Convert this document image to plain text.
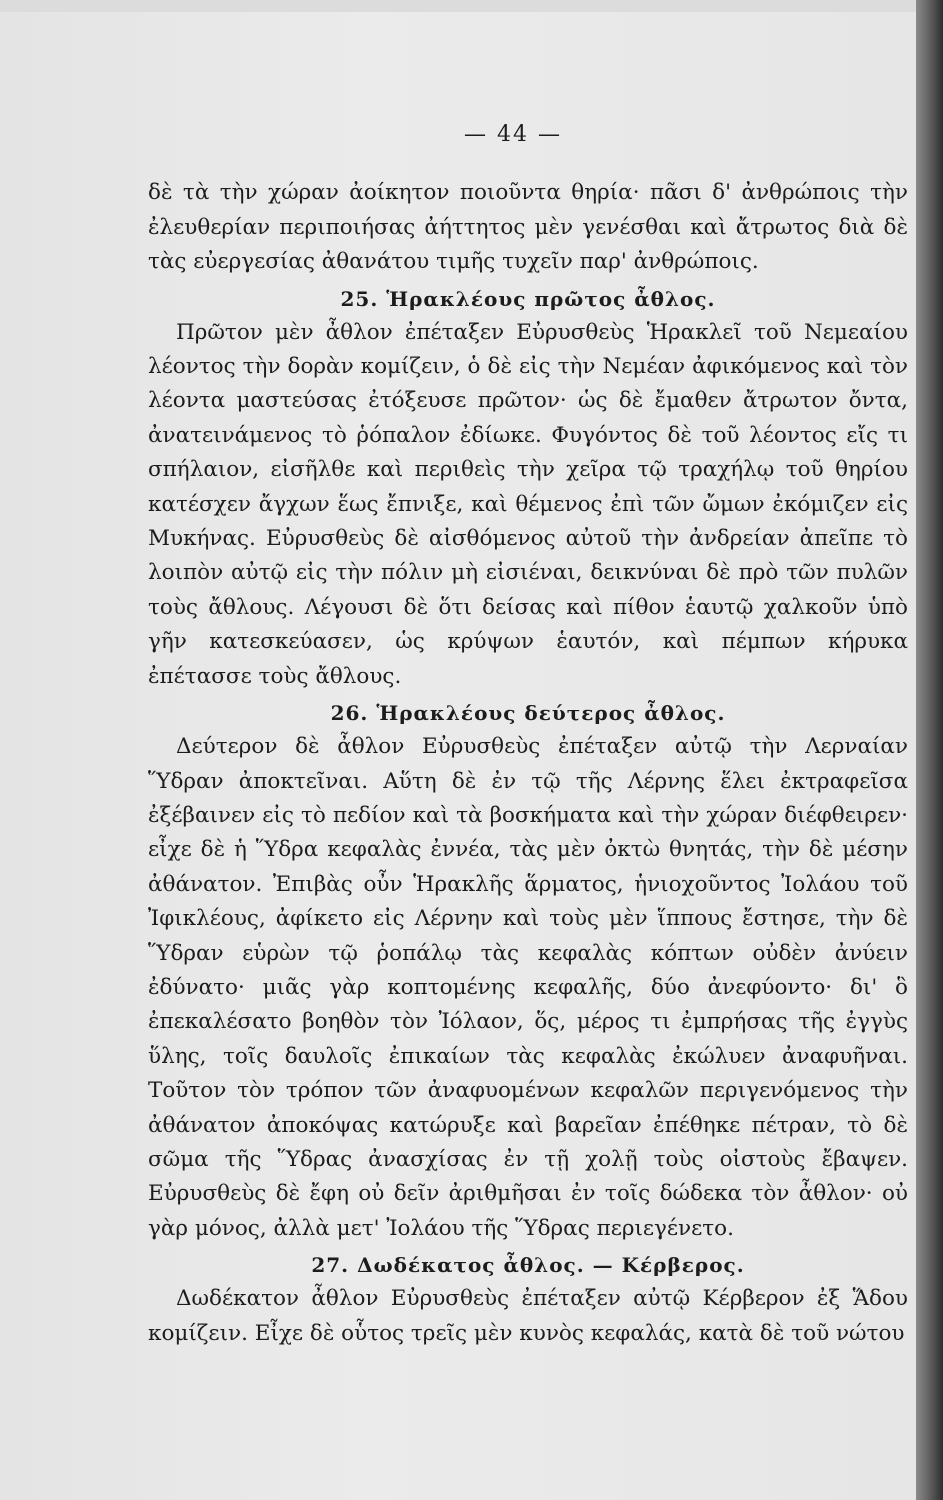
— 44 —

δὲ τὰ τὴν χώραν ἀοίκητον ποιοῦντα θηρία· πᾶσι δ' ἀνθρώποις τὴν ἐλευθερίαν περιποιήσας ἀήττητος μὲν γενέσθαι καὶ ἄτρωτος διὰ δὲ τὰς εὐεργεσίας ἀθανάτου τιμῆς τυχεῖν παρ' ἀνθρώποις.

25. Ἡρακλέους πρῶτος ἆθλος.

Πρῶτον μὲν ἆθλον ἐπέταξεν Εὐρυσθεὺς Ἡρακλεῖ τοῦ Νεμεαίου λέοντος τὴν δορὰν κομίζειν, ὁ δὲ εἰς τὴν Νεμέαν ἀφικόμενος καὶ τὸν λέοντα μαστεύσας ἐτόξευσε πρῶτον· ὡς δὲ ἔμαθεν ἄτρωτον ὄντα, ἀνατεινάμενος τὸ ῥόπαλον ἐδίωκε. Φυγόντος δὲ τοῦ λέοντος εἴς τι σπήλαιον, εἰσῆλθε καὶ περιθεὶς τὴν χεῖρα τῷ τραχήλῳ τοῦ θηρίου κατέσχεν ἄγχων ἕως ἔπνιξε, καὶ θέμενος ἐπὶ τῶν ὤμων ἐκόμιζεν εἰς Μυκήνας. Εὐρυσθεὺς δὲ αἰσθόμενος αὐτοῦ τὴν ἀνδρείαν ἀπεῖπε τὸ λοιπὸν αὐτῷ εἰς τὴν πόλιν μὴ εἰσιέναι, δεικνύναι δὲ πρὸ τῶν πυλῶν τοὺς ἄθλους. Λέγουσι δὲ ὅτι δείσας καὶ πίθον ἑαυτῷ χαλκοῦν ὑπὸ γῆν κατεσκεύασεν, ὡς κρύψων ἑαυτόν, καὶ πέμπων κήρυκα ἐπέτασσε τοὺς ἄθλους.

26. Ἡρακλέους δεύτερος ἆθλος.

Δεύτερον δὲ ἆθλον Εὐρυσθεὺς ἐπέταξεν αὐτῷ τὴν Λερναίαν Ὕδραν ἀποκτεῖναι. Αὕτη δὲ ἐν τῷ τῆς Λέρνης ἕλει ἐκτραφεῖσα ἐξέβαινεν εἰς τὸ πεδίον καὶ τὰ βοσκήματα καὶ τὴν χώραν διέφθειρεν· εἶχε δὲ ἡ Ὕδρα κεφαλὰς ἐννέα, τὰς μὲν ὀκτὼ θνητάς, τὴν δὲ μέσην ἀθάνατον. Ἐπιβὰς οὖν Ἡρακλῆς ἅρματος, ἡνιοχοῦντος Ἰολάου τοῦ Ἰφικλέους, ἀφίκετο εἰς Λέρνην καὶ τοὺς μὲν ἵππους ἔστησε, τὴν δὲ Ὕδραν εὑρὼν τῷ ῥοπάλῳ τὰς κεφαλὰς κόπτων οὐδὲν ἀνύειν ἐδύνατο· μιᾶς γὰρ κοπτομένης κεφαλῆς, δύο ἀνεφύοντο· δι' ὃ ἐπεκαλέσατο βοηθὸν τὸν Ἰόλαον, ὅς, μέρος τι ἐμπρήσας τῆς ἐγγὺς ὕλης, τοῖς δαυλοῖς ἐπικαίων τὰς κεφαλὰς ἐκώλυεν ἀναφυῆναι. Τοῦτον τὸν τρόπον τῶν ἀναφυομένων κεφαλῶν περιγενόμενος τὴν ἀθάνατον ἀποκόψας κατώρυξε καὶ βαρεῖαν ἐπέθηκε πέτραν, τὸ δὲ σῶμα τῆς Ὕδρας ἀνασχίσας ἐν τῇ χολῇ τοὺς οἰστοὺς ἔβαψεν. Εὐρυσθεὺς δὲ ἔφη οὐ δεῖν ἀριθμῆσαι ἐν τοῖς δώδεκα τὸν ἆθλον· οὐ γὰρ μόνος, ἀλλὰ μετ' Ἰολάου τῆς Ὕδρας περιεγένετο.

27. Δωδέκατος ἆθλος. — Κέρβερος.

Δωδέκατον ἆθλον Εὐρυσθεὺς ἐπέταξεν αὐτῷ Κέρβερον ἐξ Ἅδου κομίζειν. Εἶχε δὲ οὗτος τρεῖς μὲν κυνὸς κεφαλάς, κατὰ δὲ τοῦ νώτου
